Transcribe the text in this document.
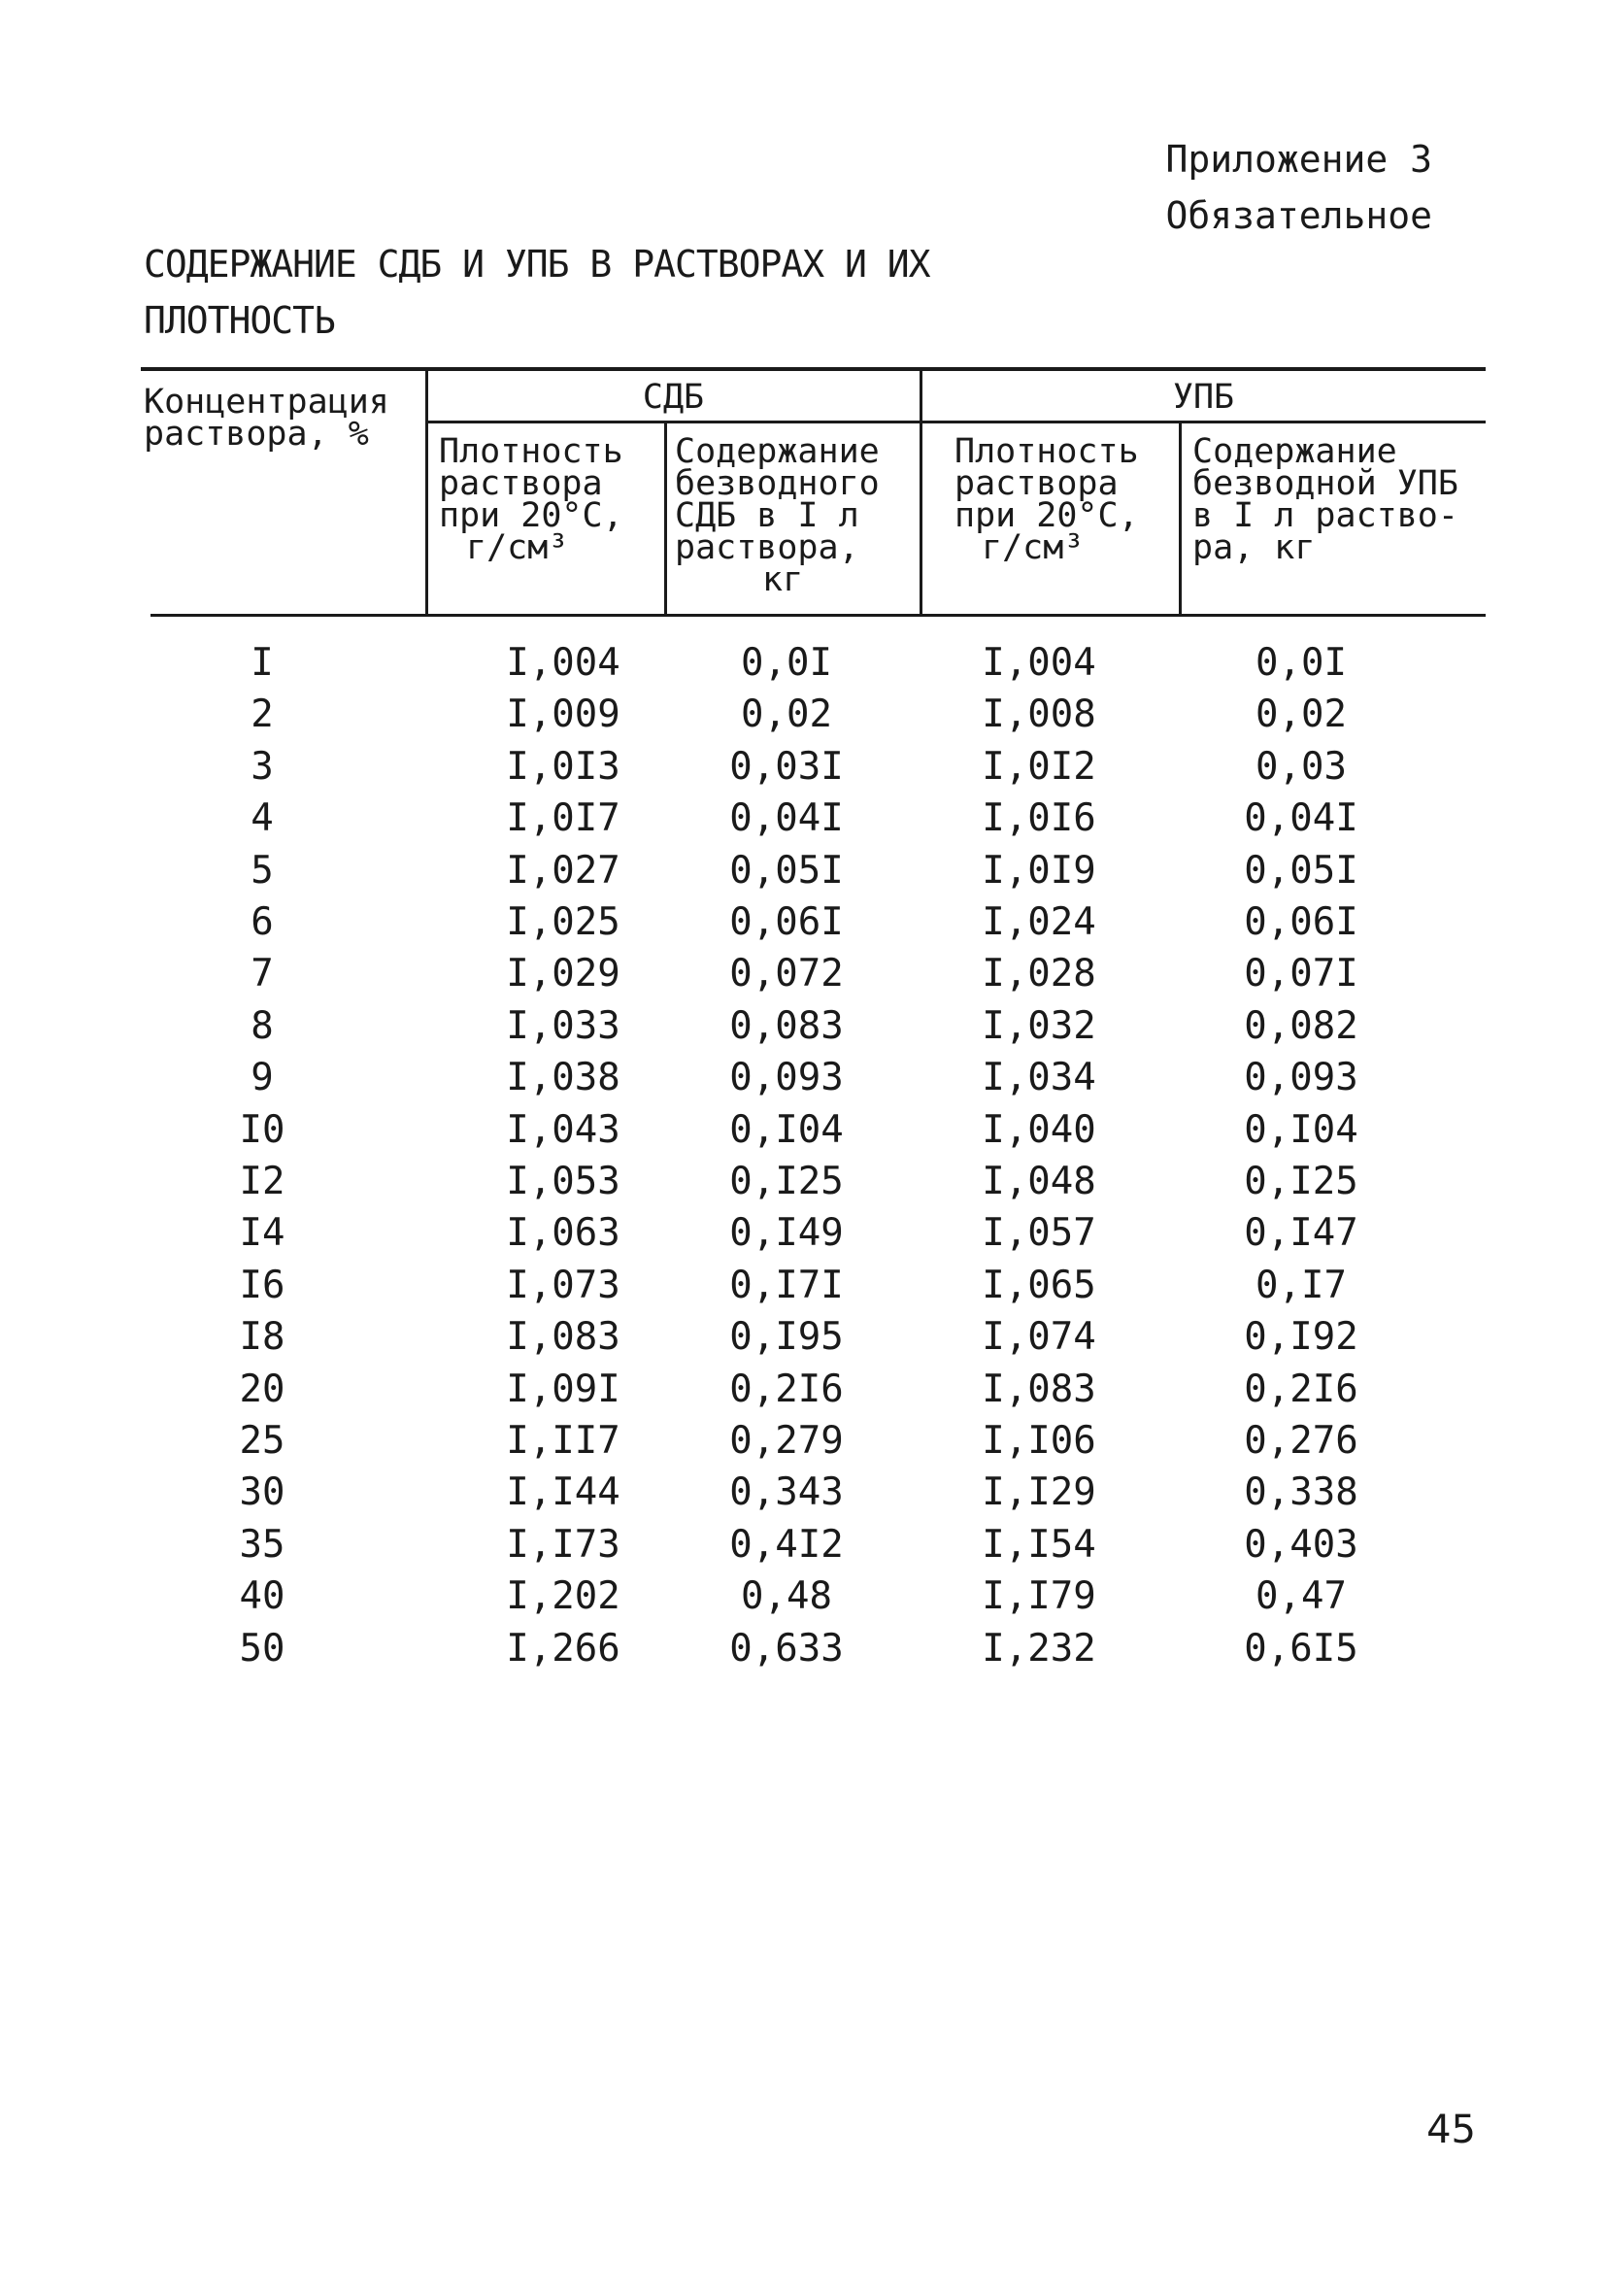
Приложение 3
Обязательное
СОДЕРЖАНИЕ СДБ И УПБ В РАСТВОРАХ И ИХ
ПЛОТНОСТЬ
Концентрация
раствора, %
СДБ	УПБ
Плотность
раствора
при 20°С,
г/см³
Содержание
безводного
СДБ в I л
раствора,
кг
Плотность
раствора
при 20°С,
г/см³
Содержание
безводной УПБ
в I л раство-
ра, кг
I	I,004	0,0I	I,004	0,0I
2	I,009	0,02	I,008	0,02
3	I,0I3	0,03I	I,0I2	0,03
4	I,0I7	0,04I	I,0I6	0,04I
5	I,027	0,05I	I,0I9	0,05I
6	I,025	0,06I	I,024	0,06I
7	I,029	0,072	I,028	0,07I
8	I,033	0,083	I,032	0,082
9	I,038	0,093	I,034	0,093
I0	I,043	0,I04	I,040	0,I04
I2	I,053	0,I25	I,048	0,I25
I4	I,063	0,I49	I,057	0,I47
I6	I,073	0,I7I	I,065	0,I7
I8	I,083	0,I95	I,074	0,I92
20	I,09I	0,2I6	I,083	0,2I6
25	I,II7	0,279	I,I06	0,276
30	I,I44	0,343	I,I29	0,338
35	I,I73	0,4I2	I,I54	0,403
40	I,202	0,48	I,I79	0,47
50	I,266	0,633	I,232	0,6I5
45
